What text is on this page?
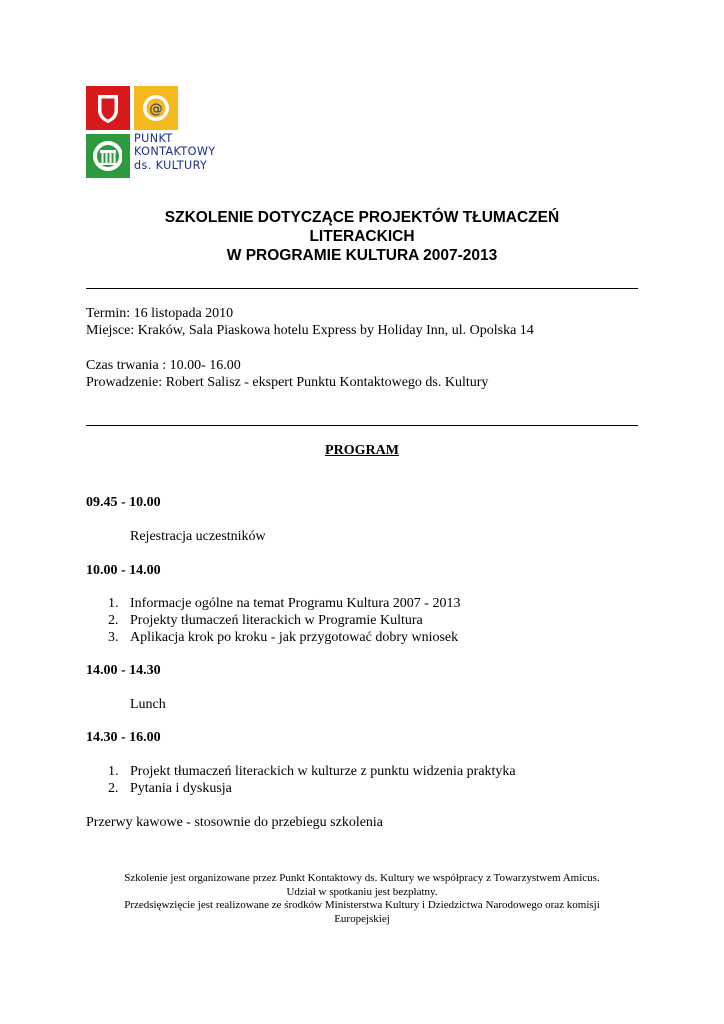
@
PUNKT
KONTAKTOWY
ds. KULTURY
SZKOLENIE DOTYCZĄCE PROJEKTÓW TŁUMACZEŃ
LITERACKICH
W PROGRAMIE KULTURA 2007-2013
Termin: 16 listopada 2010
Miejsce: Kraków, Sala Piaskowa hotelu Express by Holiday Inn, ul. Opolska 14
Czas trwania : 10.00- 16.00
Prowadzenie: Robert Salisz - ekspert Punktu Kontaktowego ds. Kultury
PROGRAM
09.45 - 10.00
Rejestracja uczestników
10.00 - 14.00
1. Informacje ogólne na temat Programu Kultura 2007 - 2013
2. Projekty tłumaczeń literackich w Programie Kultura
3. Aplikacja krok po kroku - jak przygotować dobry wniosek
14.00 - 14.30
Lunch
14.30 - 16.00
1. Projekt tłumaczeń literackich w kulturze z punktu widzenia praktyka
2. Pytania i dyskusja
Przerwy kawowe - stosownie do przebiegu szkolenia
Szkolenie jest organizowane przez Punkt Kontaktowy ds. Kultury we współpracy z Towarzystwem Amicus.
Udział w spotkaniu jest bezpłatny.
Przedsięwzięcie jest realizowane ze środków Ministerstwa Kultury i Dziedzictwa Narodowego oraz komisji
Europejskiej
